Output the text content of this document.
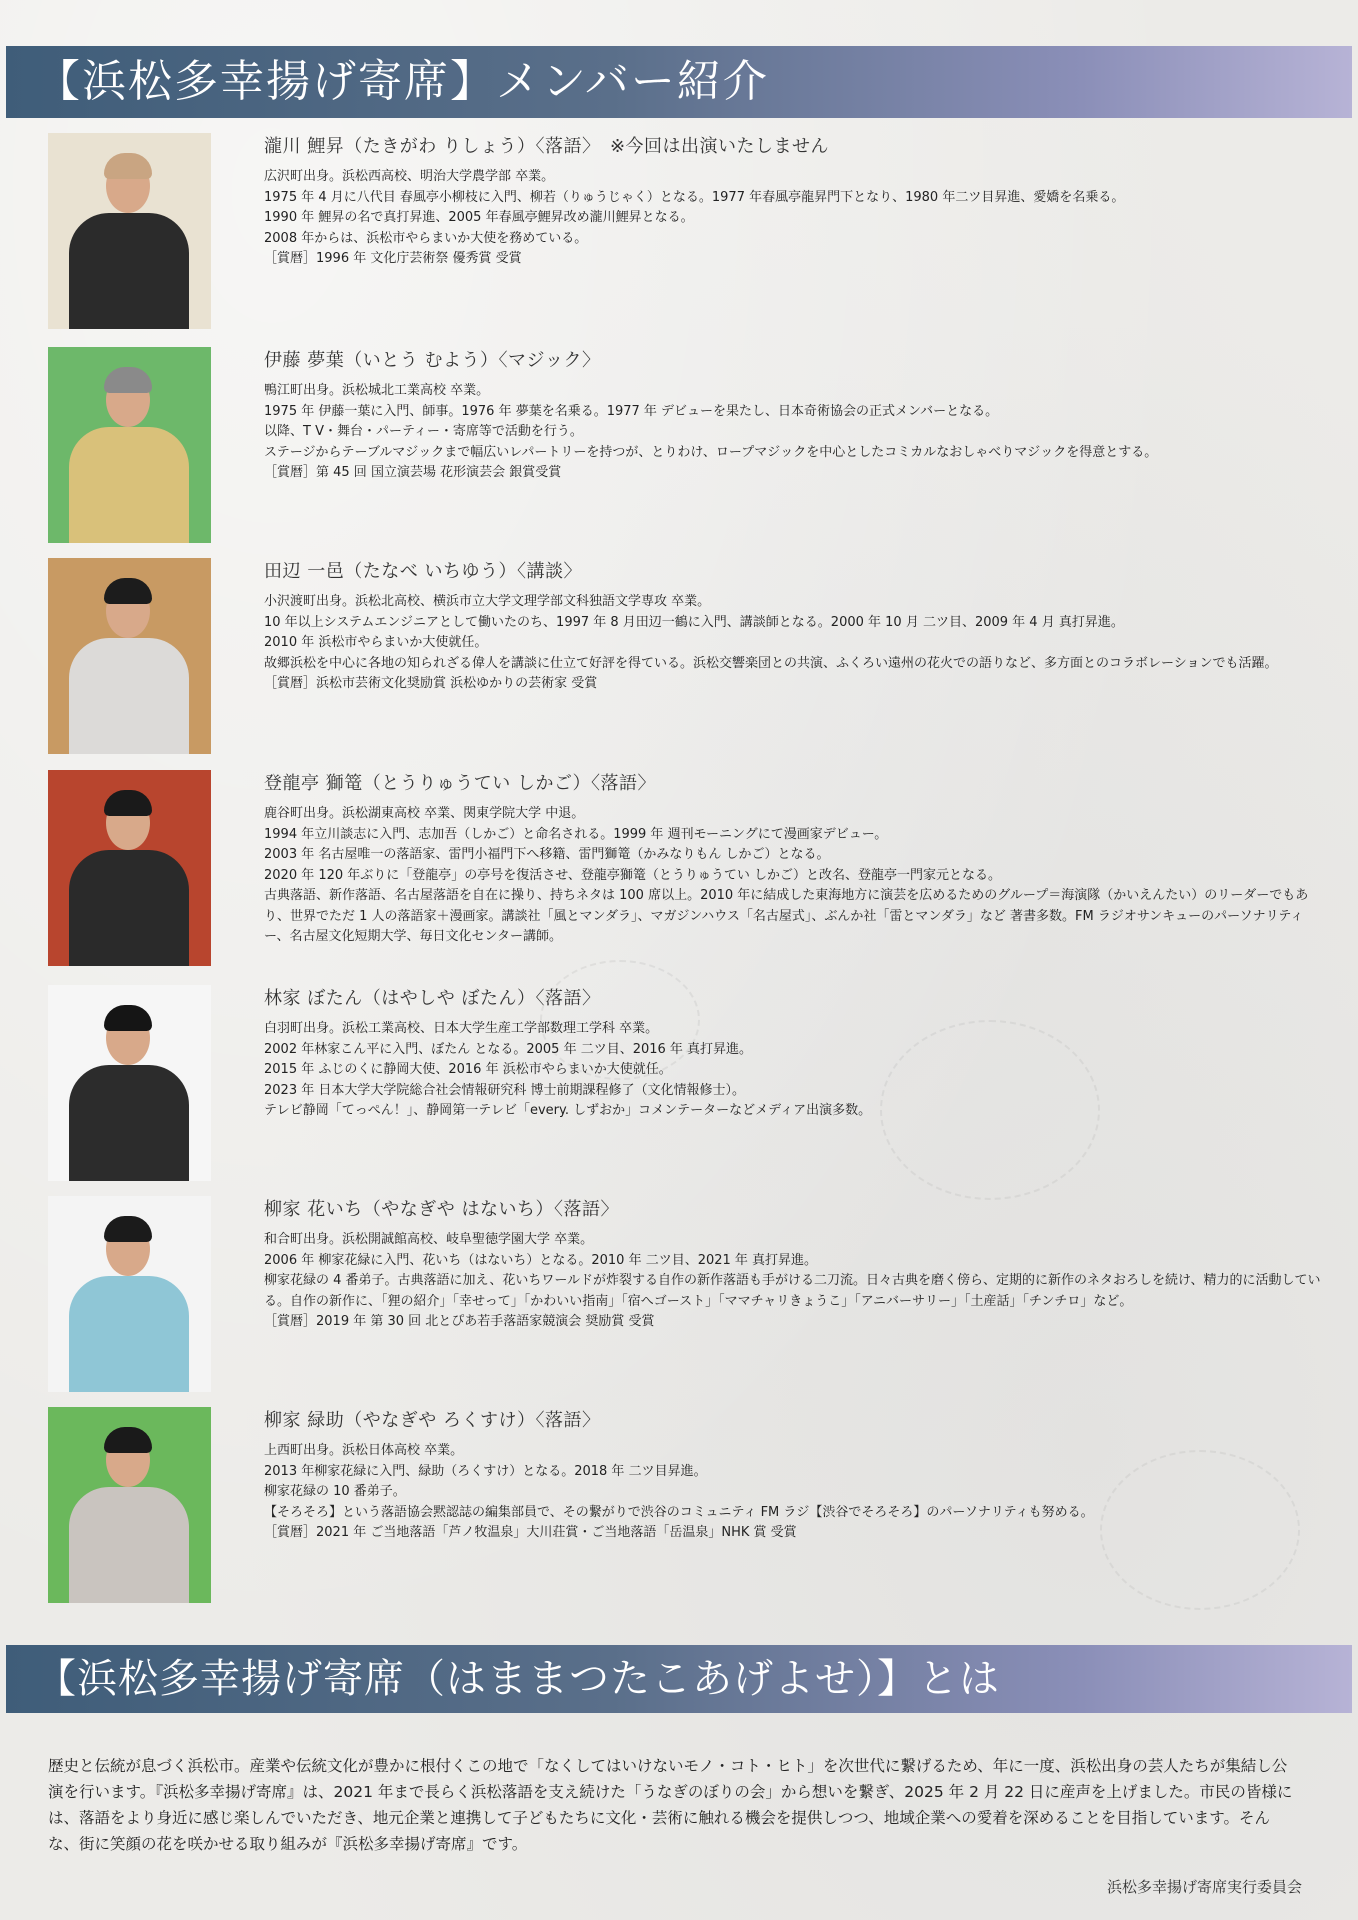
【浜松多幸揚げ寄席】メンバー紹介
瀧川 鯉昇（たきがわ りしょう）〈落語〉　※今回は出演いたしません

広沢町出身。浜松西高校、明治大学農学部 卒業。

1975 年 4 月に八代目 春風亭小柳枝に入門、柳若（りゅうじゃく）となる。1977 年春風亭龍昇門下となり、1980 年二ツ目昇進、愛嬌を名乗る。

1990 年 鯉昇の名で真打昇進、2005 年春風亭鯉昇改め瀧川鯉昇となる。

2008 年からは、浜松市やらまいか大使を務めている。

［賞暦］1996 年 文化庁芸術祭 優秀賞 受賞

伊藤 夢葉（いとう むよう）〈マジック〉

鴨江町出身。浜松城北工業高校 卒業。

1975 年 伊藤一葉に入門、師事。1976 年 夢葉を名乗る。1977 年 デビューを果たし、日本奇術協会の正式メンバーとなる。

以降、T V・舞台・パーティー・寄席等で活動を行う。

ステージからテーブルマジックまで幅広いレパートリーを持つが、とりわけ、ロープマジックを中心としたコミカルなおしゃべりマジックを得意とする。

［賞暦］第 45 回 国立演芸場 花形演芸会 銀賞受賞

田辺 一邑（たなべ いちゆう）〈講談〉

小沢渡町出身。浜松北高校、横浜市立大学文理学部文科独語文学専攻 卒業。

10 年以上システムエンジニアとして働いたのち、1997 年 8 月田辺一鶴に入門、講談師となる。2000 年 10 月 二ツ目、2009 年 4 月 真打昇進。

2010 年 浜松市やらまいか大使就任。

故郷浜松を中心に各地の知られざる偉人を講談に仕立て好評を得ている。浜松交響楽団との共演、ふくろい遠州の花火での語りなど、多方面とのコラボレーションでも活躍。

［賞暦］浜松市芸術文化奨励賞 浜松ゆかりの芸術家 受賞

登龍亭 獅篭（とうりゅうてい しかご）〈落語〉

鹿谷町出身。浜松湖東高校 卒業、関東学院大学 中退。

1994 年立川談志に入門、志加吾（しかご）と命名される。1999 年 週刊モーニングにて漫画家デビュー。

2003 年 名古屋唯一の落語家、雷門小福門下へ移籍、雷門獅篭（かみなりもん しかご）となる。

2020 年 120 年ぶりに「登龍亭」の亭号を復活させ、登龍亭獅篭（とうりゅうてい しかご）と改名、登龍亭一門家元となる。

古典落語、新作落語、名古屋落語を自在に操り、持ちネタは 100 席以上。2010 年に結成した東海地方に演芸を広めるためのグループ＝海演隊（かいえんたい）のリーダーでもあり、世界でただ 1 人の落語家＋漫画家。講談社「風とマンダラ」、マガジンハウス「名古屋式」、ぶんか社「雷とマンダラ」など 著書多数。FM ラジオサンキューのパーソナリティー、名古屋文化短期大学、毎日文化センター講師。

林家 ぼたん（はやしや ぼたん）〈落語〉

白羽町出身。浜松工業高校、日本大学生産工学部数理工学科 卒業。

2002 年林家こん平に入門、ぼたん となる。2005 年 二ツ目、2016 年 真打昇進。

2015 年 ふじのくに静岡大使、2016 年 浜松市やらまいか大使就任。

2023 年 日本大学大学院総合社会情報研究科 博士前期課程修了（文化情報修士）。

テレビ静岡「てっぺん！」、静岡第一テレビ「every. しずおか」コメンテーターなどメディア出演多数。

柳家 花いち（やなぎや はないち）〈落語〉

和合町出身。浜松開誠館高校、岐阜聖徳学園大学 卒業。

2006 年 柳家花緑に入門、花いち（はないち）となる。2010 年 二ツ目、2021 年 真打昇進。

柳家花緑の 4 番弟子。古典落語に加え、花いちワールドが炸裂する自作の新作落語も手がける二刀流。日々古典を磨く傍ら、定期的に新作のネタおろしを続け、精力的に活動している。自作の新作に、「狸の紹介」「幸せって」「かわいい指南」「宿へゴースト」「ママチャリきょうこ」「アニバーサリー」「土産話」「チンチロ」など。

［賞暦］2019 年 第 30 回 北とぴあ若手落語家競演会 奨励賞 受賞

柳家 緑助（やなぎや ろくすけ）〈落語〉

上西町出身。浜松日体高校 卒業。

2013 年柳家花緑に入門、緑助（ろくすけ）となる。2018 年 二ツ目昇進。

柳家花緑の 10 番弟子。

【そろそろ】という落語協会黙認誌の編集部員で、その繋がりで渋谷のコミュニティ FM ラジ【渋谷でそろそろ】のパーソナリティも努める。

［賞暦］2021 年 ご当地落語「芦ノ牧温泉」大川荘賞・ご当地落語「岳温泉」NHK 賞 受賞

【浜松多幸揚げ寄席（はままつたこあげよせ）】とは
歴史と伝統が息づく浜松市。産業や伝統文化が豊かに根付くこの地で「なくしてはいけないモノ・コト・ヒト」を次世代に繋げるため、年に一度、浜松出身の芸人たちが集結し公演を行います。『浜松多幸揚げ寄席』は、2021 年まで長らく浜松落語を支え続けた「うなぎのぼりの会」から想いを繋ぎ、2025 年 2 月 22 日に産声を上げました。市民の皆様には、落語をより身近に感じ楽しんでいただき、地元企業と連携して子どもたちに文化・芸術に触れる機会を提供しつつ、地域企業への愛着を深めることを目指しています。そんな、街に笑顔の花を咲かせる取り組みが『浜松多幸揚げ寄席』です。
浜松多幸揚げ寄席実行委員会
